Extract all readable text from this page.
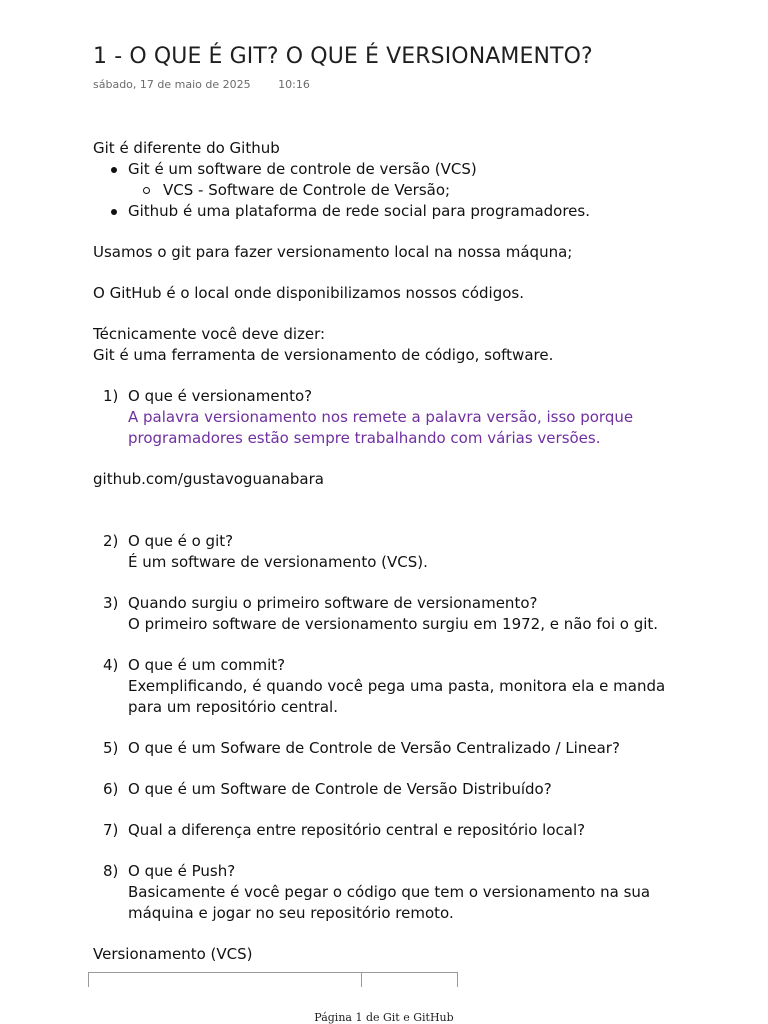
1 - O QUE É GIT? O QUE É VERSIONAMENTO?
sábado, 17 de maio de 2025	10:16

Git é diferente do Github

Git é um software de controle de versão (VCS)
VCS - Software de Controle de Versão;
Github é uma plataforma de rede social para programadores.

Usamos o git para fazer versionamento local na nossa máqu​na;

O GitHub é o local onde disponibilizamos nossos códigos.

Técnicamente você deve dizer:

Git é uma ferramenta de versionamento de código, software.

1) O que é versionamento?

A palavra versionamento nos remete a palavra versão, isso porque

programadores estão sempre trabalhando com várias versões.

github.com/gustavoguanabara

2) O que é o git?

É um software de versionamento (VCS).

3) Quando surgiu o primeiro software de versionamento?

O primeiro software de versionamento surgiu em 1972, e não foi o git.

4) O que é um commit?

Exemplificando, é quando você pega uma pasta, monitora ela e manda

para um repositório central.

5) O que é um Sofware de Controle de Versão Centralizado / Linear?

6) O que é um Software de Controle de Versão Distribuído?

7) Qual a diferença entre repositório central e repositório local?

8) O que é Push?

Basicamente é você pegar o código que tem o versionamento na sua

máquina e jogar no seu repositório remoto.

Versionamento (VCS)

Página 1 de Git e GitHub
